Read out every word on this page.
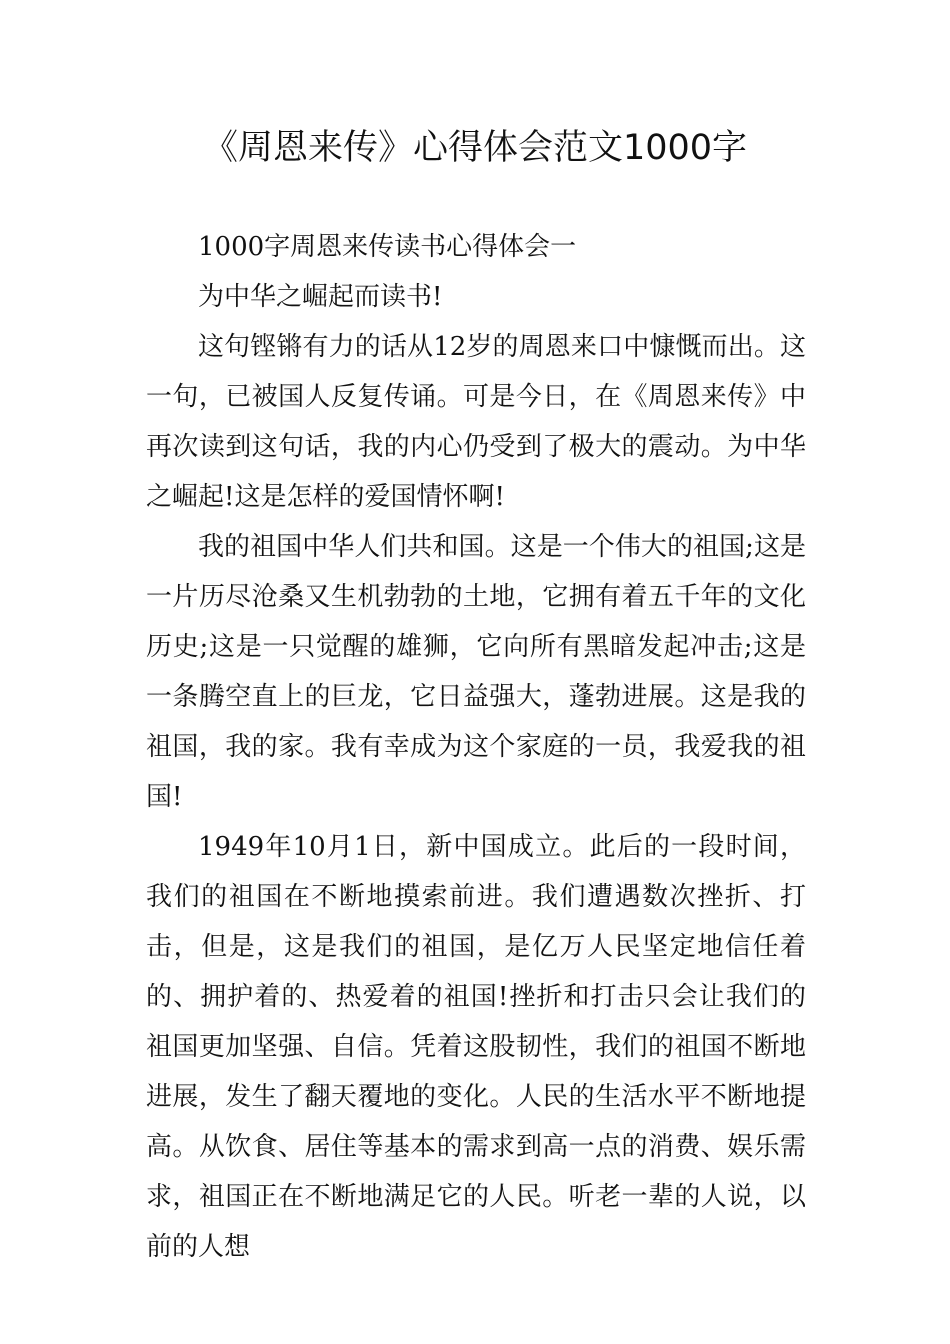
《周恩来传》心得体会范文1000字

1000字周恩来传读书心得体会一

为中华之崛起而读书!

这句铿锵有力的话从12岁的周恩来口中慷慨而出。这一句，已被国人反复传诵。可是今日，在《周恩来传》中再次读到这句话，我的内心仍受到了极大的震动。为中华之崛起!这是怎样的爱国情怀啊!

我的祖国中华人们共和国。这是一个伟大的祖国;这是一片历尽沧桑又生机勃勃的土地，它拥有着五千年的文化历史;这是一只觉醒的雄狮，它向所有黑暗发起冲击;这是一条腾空直上的巨龙，它日益强大，蓬勃进展。这是我的祖国，我的家。我有幸成为这个家庭的一员，我爱我的祖国!

1949年10月1日，新中国成立。此后的一段时间，我们的祖国在不断地摸索前进。我们遭遇数次挫折、打击，但是，这是我们的祖国，是亿万人民坚定地信任着的、拥护着的、热爱着的祖国!挫折和打击只会让我们的祖国更加坚强、自信。凭着这股韧性，我们的祖国不断地进展，发生了翻天覆地的变化。人民的生活水平不断地提高。从饮食、居住等基本的需求到高一点的消费、娱乐需求，祖国正在不断地满足它的人民。听老一辈的人说，以前的人想
